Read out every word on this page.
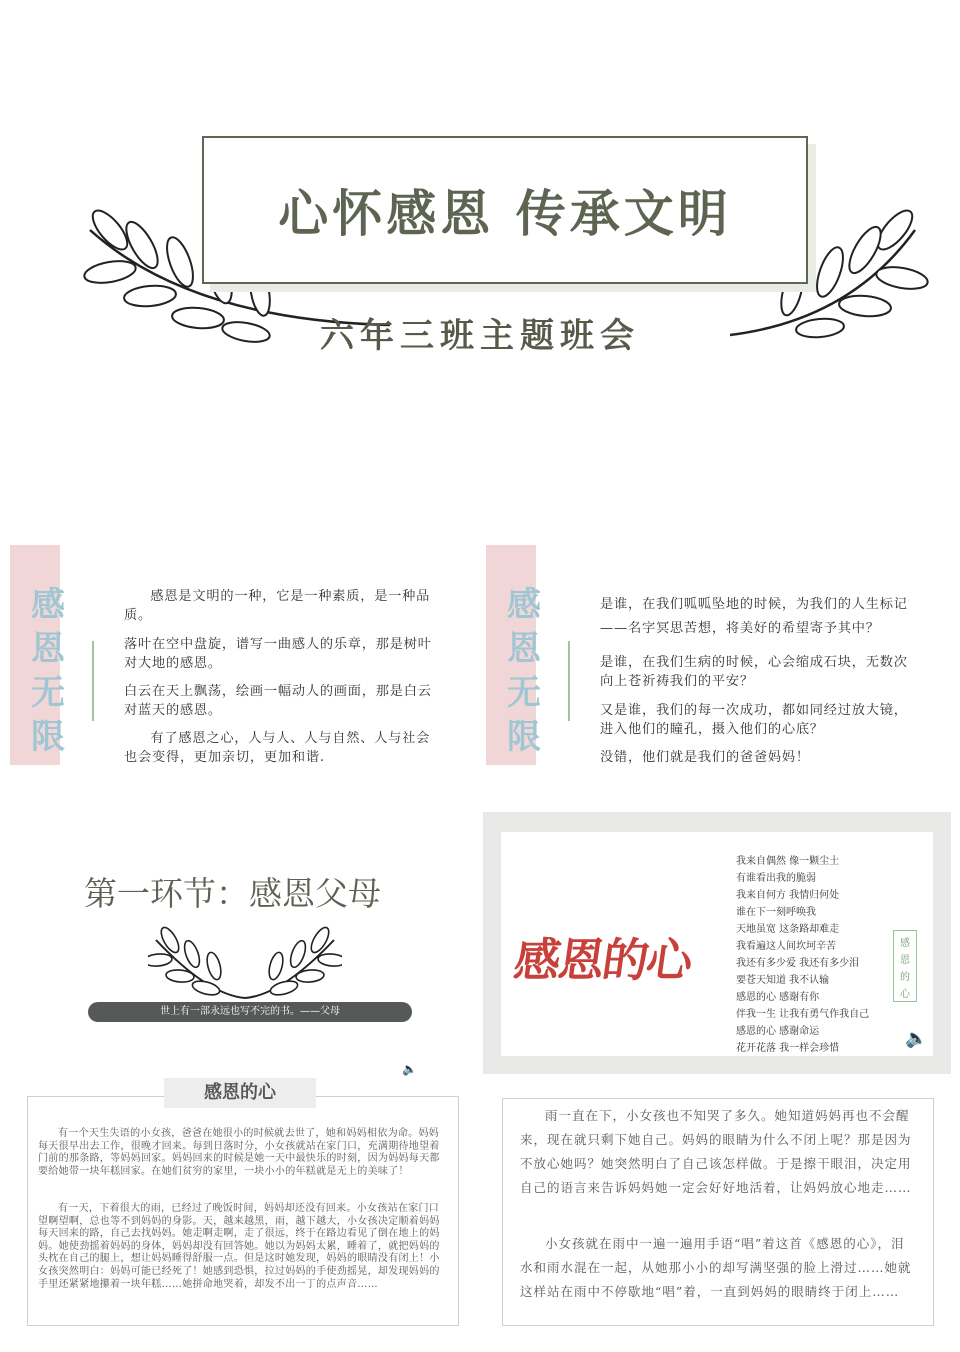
心怀感恩 传承文明
六年三班主题班会
感
恩
无
限

感恩是文明的一种，它是一种素质，是一种品质。

落叶在空中盘旋，谱写一曲感人的乐章，那是树叶对大地的感恩。

白云在天上飘荡，绘画一幅动人的画面，那是白云对蓝天的感恩。

有了感恩之心，人与人、人与自然、人与社会也会变得，更加亲切，更加和谐.

感
恩
无
限

是谁，在我们呱呱坠地的时候，为我们的人生标记——名字冥思苦想，将美好的希望寄予其中？

是谁，在我们生病的时候，心会缩成石块，无数次向上苍祈祷我们的平安？

又是谁，我们的每一次成功，都如同经过放大镜，进入他们的瞳孔，摄入他们的心底？

没错，他们就是我们的爸爸妈妈！

第一环节：感恩父母
世上有一部永远也写不完的书。——父母
🔈
感恩的心
我来自偶然 像一颗尘土
有谁看出我的脆弱
我来自何方 我情归何处
谁在下一刻呼唤我
天地虽宽 这条路却难走
我看遍这人间坎坷辛苦
我还有多少爱 我还有多少泪
要苍天知道 我不认输
感恩的心 感谢有你
伴我一生 让我有勇气作我自己
感恩的心 感谢命运
花开花落 我一样会珍惜
感
恩
的
心
🔈
感恩的心

有一个天生失语的小女孩，爸爸在她很小的时候就去世了，她和妈妈相依为命。妈妈每天很早出去工作，很晚才回来。每到日落时分，小女孩就站在家门口，充满期待地望着门前的那条路，等妈妈回家。妈妈回来的时候是她一天中最快乐的时刻，因为妈妈每天都要给她带一块年糕回家。在她们贫穷的家里，一块小小的年糕就是无上的美味了！

有一天，下着很大的雨，已经过了晚饭时间，妈妈却还没有回来。小女孩站在家门口望啊望啊，总也等不到妈妈的身影。天，越来越黑，雨，越下越大，小女孩决定顺着妈妈每天回来的路，自己去找妈妈。她走啊走啊，走了很远，终于在路边看见了倒在地上的妈妈。她使劲摇着妈妈的身体，妈妈却没有回答她。她以为妈妈太累，睡着了，就把妈妈的头枕在自己的腿上，想让妈妈睡得舒服一点。但是这时她发现，妈妈的眼睛没有闭上！小女孩突然明白：妈妈可能已经死了！她感到恐惧，拉过妈妈的手使劲摇晃，却发现妈妈的手里还紧紧地攥着一块年糕……她拼命地哭着，却发不出一丁的点声音……

雨一直在下，小女孩也不知哭了多久。她知道妈妈再也不会醒来，现在就只剩下她自己。妈妈的眼睛为什么不闭上呢？那是因为不放心她吗？她突然明白了自己该怎样做。于是擦干眼泪，决定用自己的语言来告诉妈妈她一定会好好地活着，让妈妈放心地走……

小女孩就在雨中一遍一遍用手语“唱”着这首《感恩的心》，泪水和雨水混在一起，从她那小小的却写满坚强的脸上滑过……她就这样站在雨中不停歇地“唱”着，一直到妈妈的眼睛终于闭上……
